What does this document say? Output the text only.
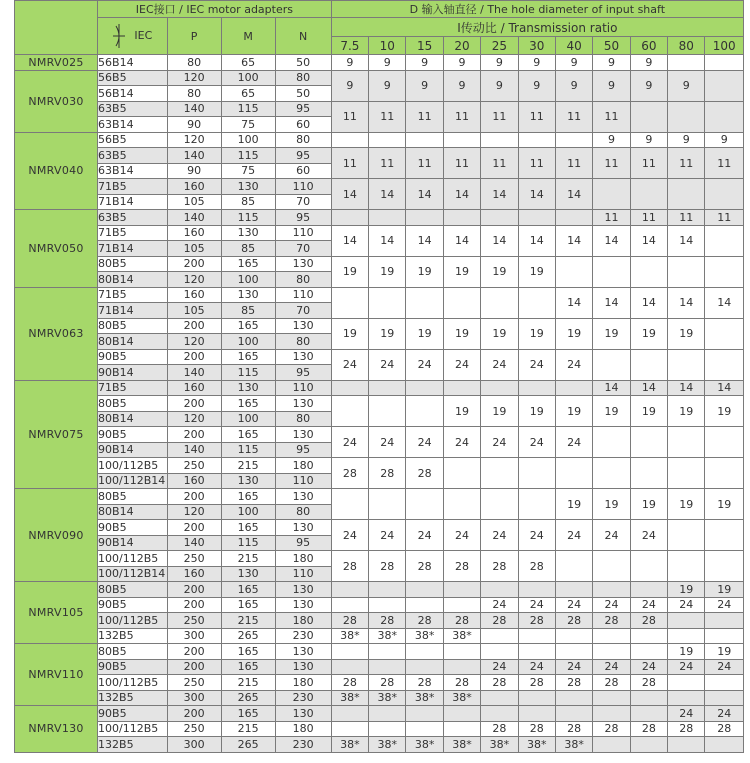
	IEC接口 / IEC motor adapters				D 输入轴直径 / The hole diameter of input shaft										
	IEC	P	M	N	I传动比 / Transmission ratio										
					7.5	10	15	20	25	30	40	50	60	80	100
NMRV025	56B14	80	65	50	9	9	9	9	9	9	9	9	9		
NMRV030	56B5	120	100	80	9	9	9	9	9	9	9	9	9	9	
	56B14	80	65	50											
	63B5	140	115	95	11	11	11	11	11	11	11	11			
	63B14	90	75	60											
NMRV040	56B5	120	100	80								9	9	9	9
	63B5	140	115	95	11	11	11	11	11	11	11	11	11	11	11
	63B14	90	75	60											
	71B5	160	130	110	14	14	14	14	14	14	14				
	71B14	105	85	70											
NMRV050	63B5	140	115	95								11	11	11	11
	71B5	160	130	110	14	14	14	14	14	14	14	14	14	14	
	71B14	105	85	70											
	80B5	200	165	130	19	19	19	19	19	19					
	80B14	120	100	80											
NMRV063	71B5	160	130	110							14	14	14	14	14
	71B14	105	85	70											
	80B5	200	165	130	19	19	19	19	19	19	19	19	19	19	
	80B14	120	100	80											
	90B5	200	165	130	24	24	24	24	24	24	24				
	90B14	140	115	95											
NMRV075	71B5	160	130	110								14	14	14	14
	80B5	200	165	130				19	19	19	19	19	19	19	19
	80B14	120	100	80											
	90B5	200	165	130	24	24	24	24	24	24	24				
	90B14	140	115	95											
	100/112B5	250	215	180	28	28	28								
	100/112B14	160	130	110											
NMRV090	80B5	200	165	130							19	19	19	19	19
	80B14	120	100	80											
	90B5	200	165	130	24	24	24	24	24	24	24	24	24		
	90B14	140	115	95											
	100/112B5	250	215	180	28	28	28	28	28	28					
	100/112B14	160	130	110											
NMRV105	80B5	200	165	130										19	19
	90B5	200	165	130					24	24	24	24	24	24	24
	100/112B5	250	215	180	28	28	28	28	28	28	28	28	28		
	132B5	300	265	230	38*	38*	38*	38*							
NMRV110	80B5	200	165	130										19	19
	90B5	200	165	130					24	24	24	24	24	24	24
	100/112B5	250	215	180	28	28	28	28	28	28	28	28	28		
	132B5	300	265	230	38*	38*	38*	38*							
NMRV130	90B5	200	165	130										24	24
	100/112B5	250	215	180					28	28	28	28	28	28	28
	132B5	300	265	230	38*	38*	38*	38*	38*	38*	38*				
